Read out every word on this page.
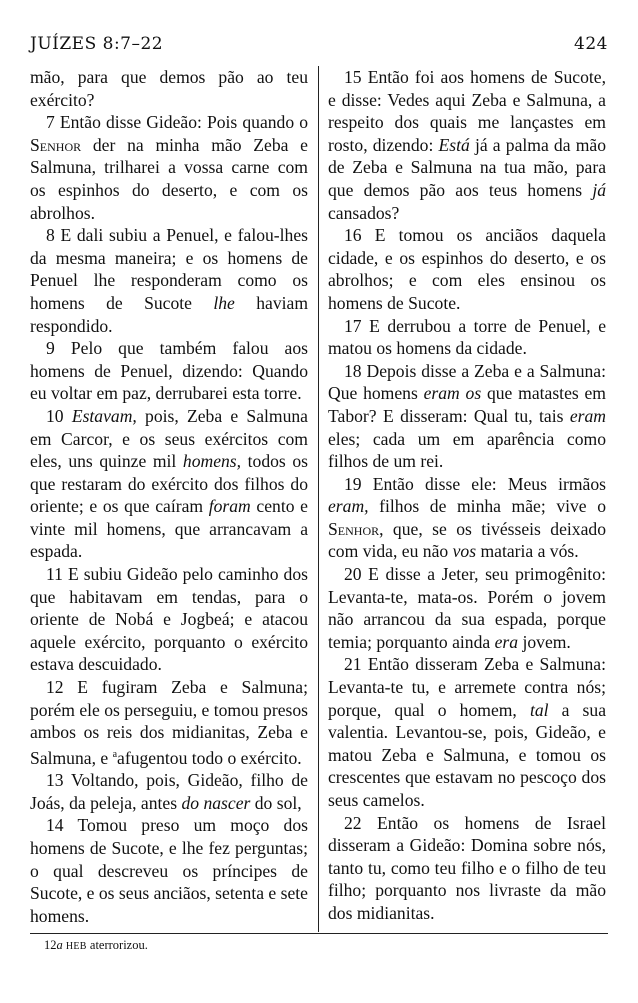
JUÍZES 8:7–22	424

mão, para que demos pão ao teu exército?

7 Então disse Gideão: Pois quando o Senhor der na minha mão Zeba e Salmuna, trilharei a vossa carne com os espinhos do deserto, e com os abrolhos.

8 E dali subiu a Penuel, e falou-lhes da mesma maneira; e os homens de Penuel lhe responderam como os homens de Sucote lhe haviam respondido.

9 Pelo que também falou aos homens de Penuel, dizendo: Quando eu voltar em paz, derrubarei esta torre.

10 Estavam, pois, Zeba e Salmuna em Carcor, e os seus exércitos com eles, uns quinze mil homens, todos os que restaram do exército dos filhos do oriente; e os que caíram foram cento e vinte mil homens, que arrancavam a espada.

11 E subiu Gideão pelo caminho dos que habitavam em tendas, para o oriente de Nobá e Jogbeá; e atacou aquele exército, porquanto o exército estava descuidado.

12 E fugiram Zeba e Salmuna; porém ele os perseguiu, e tomou presos ambos os reis dos midianitas, Zeba e Salmuna, e $^a$afugentou todo o exército.

13 Voltando, pois, Gideão, filho de Joás, da peleja, antes do nascer do sol,

14 Tomou preso um moço dos homens de Sucote, e lhe fez perguntas; o qual descreveu os príncipes de Sucote, e os seus anciãos, setenta e sete homens.

15 Então foi aos homens de Sucote, e disse: Vedes aqui Zeba e Salmuna, a respeito dos quais me lançastes em rosto, dizendo: Está já a palma da mão de Zeba e Salmuna na tua mão, para que demos pão aos teus homens já cansados?

16 E tomou os anciãos daquela cidade, e os espinhos do deserto, e os abrolhos; e com eles ensinou os homens de Sucote.

17 E derrubou a torre de Penuel, e matou os homens da cidade.

18 Depois disse a Zeba e a Salmuna: Que homens eram os que matastes em Tabor? E disseram: Qual tu, tais eram eles; cada um em aparência como filhos de um rei.

19 Então disse ele: Meus irmãos eram, filhos de minha mãe; vive o Senhor, que, se os tivésseis deixado com vida, eu não vos mataria a vós.

20 E disse a Jeter, seu primogênito: Levanta-te, mata-os. Porém o jovem não arrancou da sua espada, porque temia; porquanto ainda era jovem.

21 Então disseram Zeba e Salmuna: Levanta-te tu, e arremete contra nós; porque, qual o homem, tal a sua valentia. Levantou-se, pois, Gideão, e matou Zeba e Salmuna, e tomou os crescentes que estavam no pescoço dos seus camelos.

22 Então os homens de Israel disseram a Gideão: Domina sobre nós, tanto tu, como teu filho e o filho de teu filho; porquanto nos livraste da mão dos midianitas.

12a HEB aterrorizou.
